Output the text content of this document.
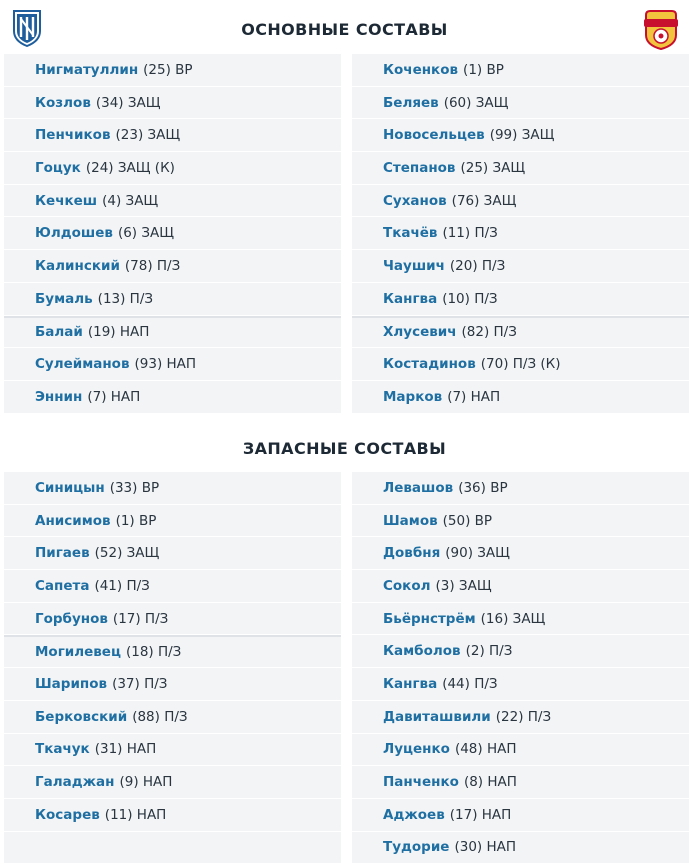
ОСНОВНЫЕ СОСТАВЫ
Нигматуллин (25) ВР
Козлов (34) ЗАЩ
Пенчиков (23) ЗАЩ
Гоцук (24) ЗАЩ (К)
Кечкеш (4) ЗАЩ
Юлдошев (6) ЗАЩ
Калинский (78) П/З
Бумаль (13) П/З
Балай (19) НАП
Сулейманов (93) НАП
Эннин (7) НАП
Коченков (1) ВР
Беляев (60) ЗАЩ
Новосельцев (99) ЗАЩ
Степанов (25) ЗАЩ
Суханов (76) ЗАЩ
Ткачёв (11) П/З
Чаушич (20) П/З
Кангва (10) П/З
Хлусевич (82) П/З
Костадинов (70) П/З (К)
Марков (7) НАП
ЗАПАСНЫЕ СОСТАВЫ
Синицын (33) ВР
Анисимов (1) ВР
Пигаев (52) ЗАЩ
Сапета (41) П/З
Горбунов (17) П/З
Могилевец (18) П/З
Шарипов (37) П/З
Берковский (88) П/З
Ткачук (31) НАП
Галаджан (9) НАП
Косарев (11) НАП
Левашов (36) ВР
Шамов (50) ВР
Довбня (90) ЗАЩ
Сокол (3) ЗАЩ
Бьёрнстрём (16) ЗАЩ
Камболов (2) П/З
Кангва (44) П/З
Давиташвили (22) П/З
Луценко (48) НАП
Панченко (8) НАП
Аджоев (17) НАП
Тудорие (30) НАП
